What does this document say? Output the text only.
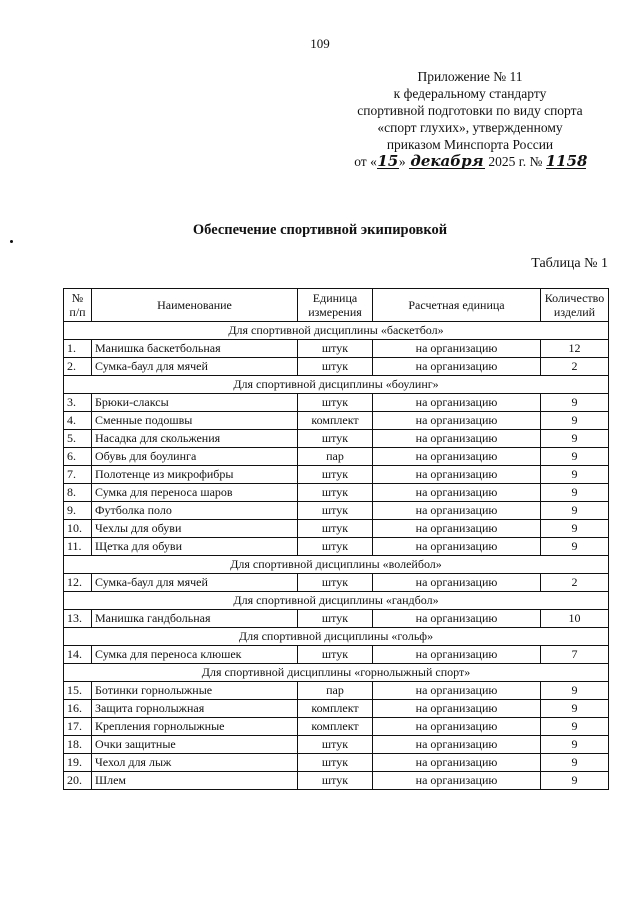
109
Приложение № 11
к федеральному стандарту
спортивной подготовки по виду спорта
«спорт глухих», утвержденному
приказом Минспорта России
от «15» декабря 2025 г. № 1158
Обеспечение спортивной экипировкой
Таблица № 1
№ п/п	Наименование	Единица измерения	Расчетная единица	Количество изделий
Для спортивной дисциплины «баскетбол»				
1.	Манишка баскетбольная	штук	на организацию	12
2.	Сумка-баул для мячей	штук	на организацию	2
Для спортивной дисциплины «боулинг»				
3.	Брюки-слаксы	штук	на организацию	9
4.	Сменные подошвы	комплект	на организацию	9
5.	Насадка для скольжения	штук	на организацию	9
6.	Обувь для боулинга	пар	на организацию	9
7.	Полотенце из микрофибры	штук	на организацию	9
8.	Сумка для переноса шаров	штук	на организацию	9
9.	Футболка поло	штук	на организацию	9
10.	Чехлы для обуви	штук	на организацию	9
11.	Щетка для обуви	штук	на организацию	9
Для спортивной дисциплины «волейбол»				
12.	Сумка-баул для мячей	штук	на организацию	2
Для спортивной дисциплины «гандбол»				
13.	Манишка гандбольная	штук	на организацию	10
Для спортивной дисциплины «гольф»				
14.	Сумка для переноса клюшек	штук	на организацию	7
Для спортивной дисциплины «горнолыжный спорт»				
15.	Ботинки горнолыжные	пар	на организацию	9
16.	Защита горнолыжная	комплект	на организацию	9
17.	Крепления горнолыжные	комплект	на организацию	9
18.	Очки защитные	штук	на организацию	9
19.	Чехол для лыж	штук	на организацию	9
20.	Шлем	штук	на организацию	9
